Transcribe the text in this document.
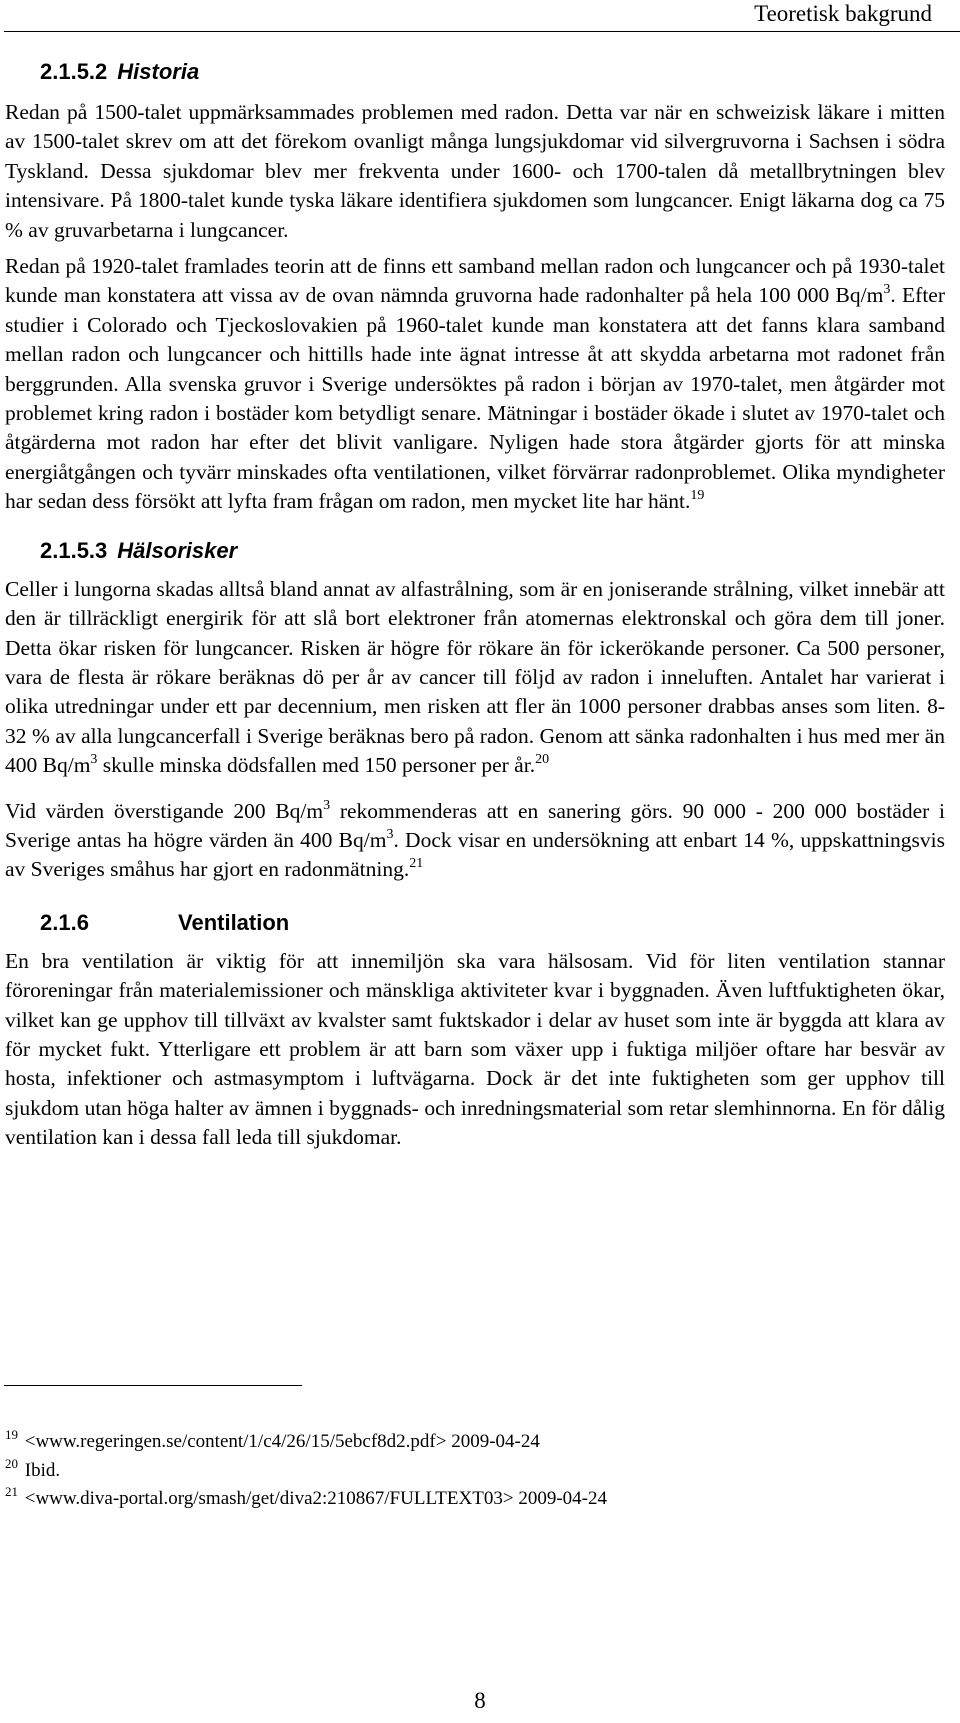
Teoretisk bakgrund
2.1.5.2 Historia

Redan på 1500-talet uppmärksammades problemen med radon. Detta var när en schweizisk läkare i mitten av 1500-talet skrev om att det förekom ovanligt många lungsjukdomar vid silvergruvorna i Sachsen i södra Tyskland. Dessa sjukdomar blev mer frekventa under 1600- och 1700-talen då metallbrytningen blev intensivare. På 1800-talet kunde tyska läkare identifiera sjukdomen som lungcancer. Enigt läkarna dog ca 75 % av gruvarbetarna i lungcancer.

Redan på 1920-talet framlades teorin att de finns ett samband mellan radon och lungcancer och på 1930-talet kunde man konstatera att vissa av de ovan nämnda gruvorna hade radonhalter på hela 100 000 $Bq/m^3$. Efter studier i Colorado och Tjeckoslovakien på 1960-talet kunde man konstatera att det fanns klara samband mellan radon och lungcancer och hittills hade inte ägnat intresse åt att skydda arbetarna mot radonet från berggrunden. Alla svenska gruvor i Sverige undersöktes på radon i början av 1970-talet, men åtgärder mot problemet kring radon i bostäder kom betydligt senare. Mätningar i bostäder ökade i slutet av 1970-talet och åtgärderna mot radon har efter det blivit vanligare. Nyligen hade stora åtgärder gjorts för att minska energiåtgången och tyvärr minskades ofta ventilationen, vilket förvärrar radonproblemet. Olika myndigheter har sedan dess försökt att lyfta fram frågan om radon, men mycket lite har hänt.$^{19}$

2.1.5.3 Hälsorisker

Celler i lungorna skadas alltså bland annat av alfastrålning, som är en joniserande strålning, vilket innebär att den är tillräckligt energirik för att slå bort elektroner från atomernas elektronskal och göra dem till joner. Detta ökar risken för lungcancer. Risken är högre för rökare än för ickerökande personer. Ca 500 personer, vara de flesta är rökare beräknas dö per år av cancer till följd av radon i inneluften. Antalet har varierat i olika utredningar under ett par decennium, men risken att fler än 1000 personer drabbas anses som liten. 8-32 % av alla lungcancerfall i Sverige beräknas bero på radon. Genom att sänka radonhalten i hus med mer än 400 $Bq/m^3$ skulle minska dödsfallen med 150 personer per år.$^{20}$

Vid värden överstigande 200 $Bq/m^3$ rekommenderas att en sanering görs. 90 000 - 200 000 bostäder i Sverige antas ha högre värden än 400 $Bq/m^3$. Dock visar en undersökning att enbart 14 %, uppskattningsvis av Sveriges småhus har gjort en radonmätning.$^{21}$

2.1.6	Ventilation

En bra ventilation är viktig för att innemiljön ska vara hälsosam. Vid för liten ventilation stannar föroreningar från materialemissioner och mänskliga aktiviteter kvar i byggnaden. Även luftfuktigheten ökar, vilket kan ge upphov till tillväxt av kvalster samt fuktskador i delar av huset som inte är byggda att klara av för mycket fukt. Ytterligare ett problem är att barn som växer upp i fuktiga miljöer oftare har besvär av hosta, infektioner och astmasymptom i luftvägarna. Dock är det inte fuktigheten som ger upphov till sjukdom utan höga halter av ämnen i byggnads- och inredningsmaterial som retar slemhinnorna. En för dålig ventilation kan i dessa fall leda till sjukdomar.

$^{19}$ <www.regeringen.se/content/1/c4/26/15/5ebcf8d2.pdf> 2009-04-24
$^{20}$ Ibid.
$^{21}$ <www.diva-portal.org/smash/get/diva2:210867/FULLTEXT03> 2009-04-24
8
